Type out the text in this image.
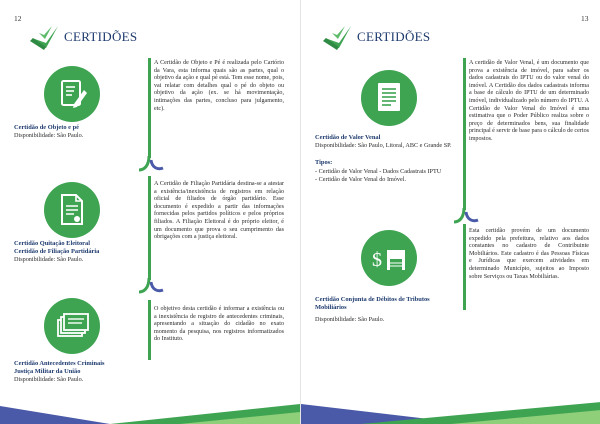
12
CERTIDÕES
Certidão de Objeto e pé
Disponibilidade: São Paulo.
A Certidão de Objeto e Pé é realizada pelo Cartório da Vara, esta informa quais são as partes, qual o objetivo da ação e qual pé está. Tem esse nome, pois, vai relatar com detalhes qual o pé do objeto ou objetivo da ação (ex. se há movimentação, intimações das partes, concluso para julgamento, etc).
Certidão Quitação Eleitoral
Certidão de Filiação Partidária
Disponibilidade: São Paulo.
A Certidão de Filiação Partidária destina-se a atestar a existência/inexistência de registros em relação oficial de filiados de órgão partidário. Esse documento é expedido a partir das informações fornecidas pelos partidos políticos e pelos próprios filiados. A Filiação Eleitoral é do próprio eleitor, é um documento que prova o seu cumprimento das obrigações com a justiça eleitoral.
Certidão Antecedentes Criminais
Justiça Militar da União
Disponibilidade: São Paulo.
O objetivo desta certidão é informar a existência ou a inexistência de registro de antecedentes criminais, apresentando a situação do cidadão no exato momento da pesquisa, nos registros informatizados do Instituto.
13
CERTIDÕES
Certidão de Valor Venal
Disponibilidade: São Paulo, Litoral, ABC e Grande SP.
Tipos:
- Certidão de Valor Venal - Dados Cadastrais IPTU
- Certidão de Valor Venal do Imóvel.
A certidão de Valor Venal, é um documento que prova a existência de imóvel, para saber os dados cadastrais do IPTU ou do valor venal do imóvel. A Certidão dos dados cadastrais informa a base de cálculo do IPTU de um determinado imóvel, individualizado pelo número do IPTU. A Certidão de Valor Venal do Imóvel é uma estimativa que o Poder Público realiza sobre o preço de determinados bens, sua finalidade principal é servir de base para o cálculo de certos impostos.
$
Certidão Conjunta de Débitos de Tributos
Mobiliários
Disponibilidade: São Paulo.
Esta certidão provém de um documento expedido pela prefeitura, relativo aos dados constantes no cadastro de Contribuinte Mobiliários. Este cadastro é das Pessoas Físicas e Jurídicas que exercem atividades em determinado Município, sujeitos ao Imposto sobre Serviços ou Taxas Mobiliárias.
